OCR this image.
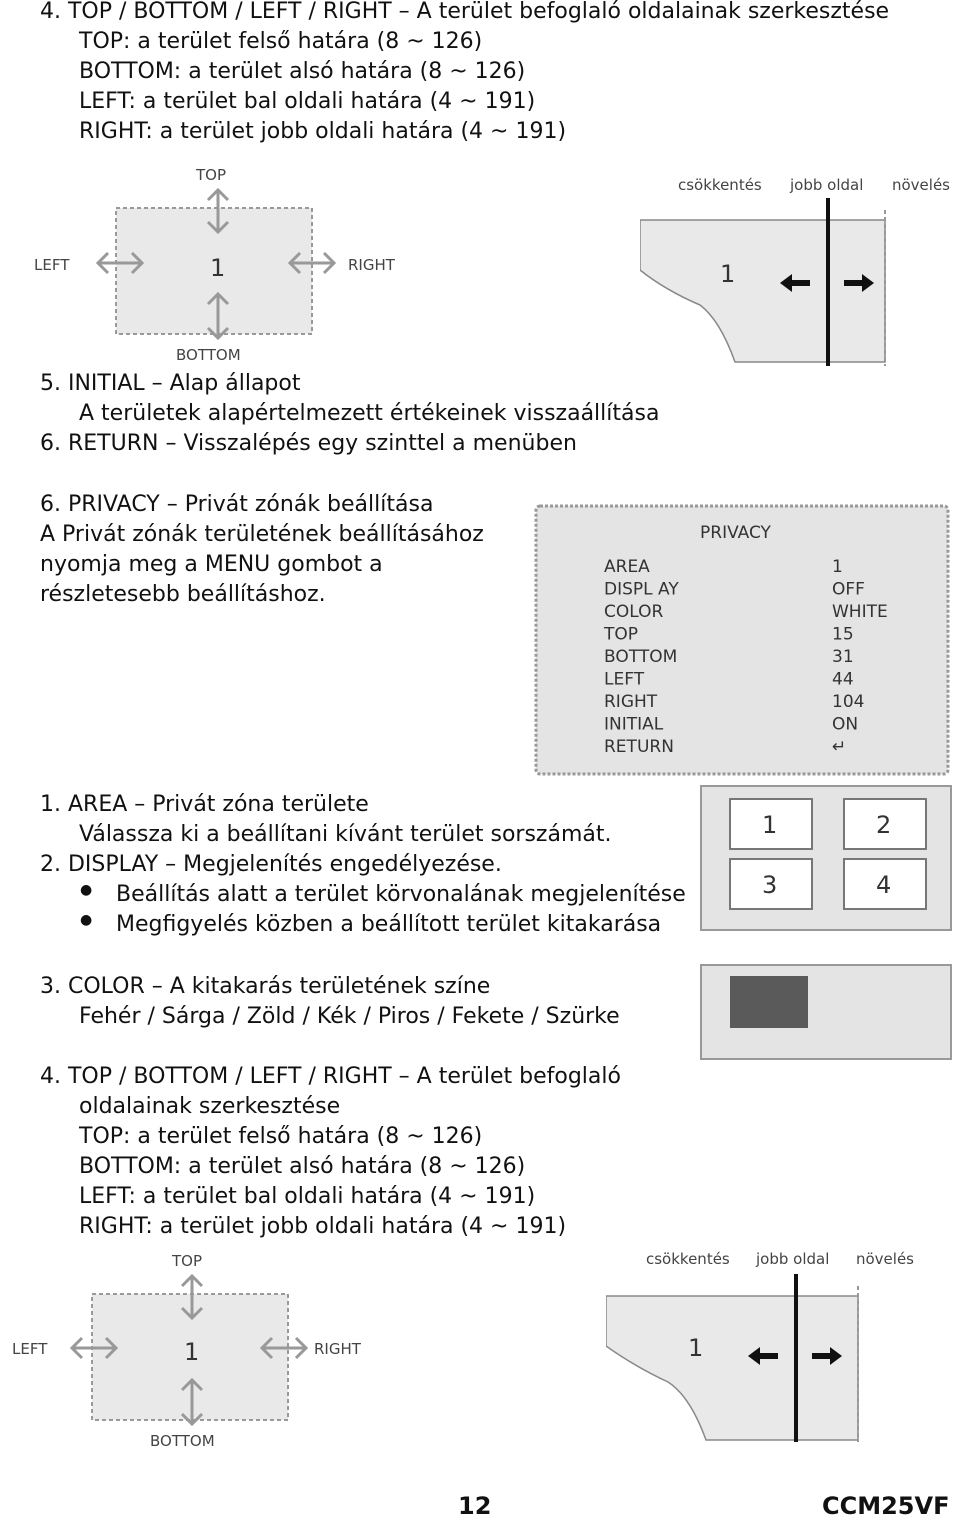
4. TOP / BOTTOM / LEFT / RIGHT – A terület befoglaló oldalainak szerkesztése
TOP: a terület felső határa (8 ~ 126)
BOTTOM: a terület alsó határa (8 ~ 126)
LEFT: a terület bal oldali határa (4 ~ 191)
RIGHT: a terület jobb oldali határa (4 ~ 191)
TOP
BOTTOM
LEFT	RIGHT
1
csökkentés jobb oldal növelés
1
5. INITIAL – Alap állapot
A területek alapértelmezett értékeinek visszaállítása
6. RETURN – Visszalépés egy szinttel a menüben
6. PRIVACY – Privát zónák beállítása
A Privát zónák területének beállításához
nyomja meg a MENU gombot a
részletesebb beállításhoz.
PRIVACY
AREA	1
DISPL AY	OFF
COLOR	WHITE
TOP	15
BOTTOM	31
LEFT	44
RIGHT	104
INITIAL	ON
RETURN	↵
1. AREA – Privát zóna területe
Válassza ki a beállítani kívánt terület sorszámát.
2. DISPLAY – Megjelenítés engedélyezése.
● Beállítás alatt a terület körvonalának megjelenítése
● Megfigyelés közben a beállított terület kitakarása
1	2
3	4
3. COLOR – A kitakarás területének színe
Fehér / Sárga / Zöld / Kék / Piros / Fekete / Szürke
4. TOP / BOTTOM / LEFT / RIGHT – A terület befoglaló
oldalainak szerkesztése
TOP: a terület felső határa (8 ~ 126)
BOTTOM: a terület alsó határa (8 ~ 126)
LEFT: a terület bal oldali határa (4 ~ 191)
RIGHT: a terület jobb oldali határa (4 ~ 191)
TOP
BOTTOM
LEFT	RIGHT
1
csökkentés jobb oldal növelés
1
12	CCM25VF
